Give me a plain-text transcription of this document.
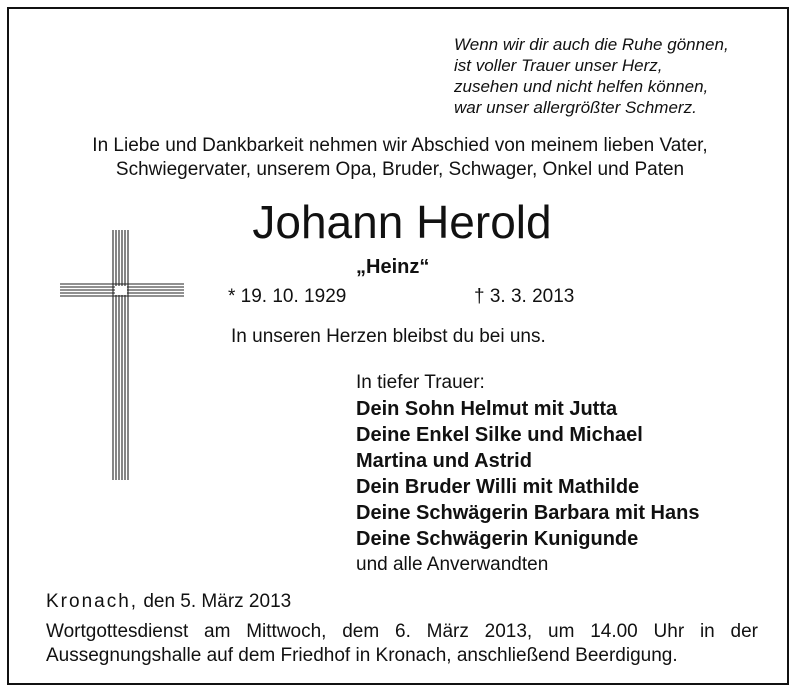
Wenn wir dir auch die Ruhe gönnen,
ist voller Trauer unser Herz,
zusehen und nicht helfen können,
war unser allergrößter Schmerz.
In Liebe und Dankbarkeit nehmen wir Abschied von meinem lieben Vater,
Schwiegervater, unserem Opa, Bruder, Schwager, Onkel und Paten
Johann Herold
„Heinz“
* 19. 10. 1929	† 3. 3. 2013
In unseren Herzen bleibst du bei uns.
In tiefer Trauer:
Dein Sohn Helmut mit Jutta
Deine Enkel Silke und Michael
Martina und Astrid
Dein Bruder Willi mit Mathilde
Deine Schwägerin Barbara mit Hans
Deine Schwägerin Kunigunde
und alle Anverwandten
Kronach, den 5. März 2013
Wortgottesdienst am Mittwoch, dem 6. März 2013, um 14.00 Uhr in der
Aussegnungshalle auf dem Friedhof in Kronach, anschließend Beerdigung.
